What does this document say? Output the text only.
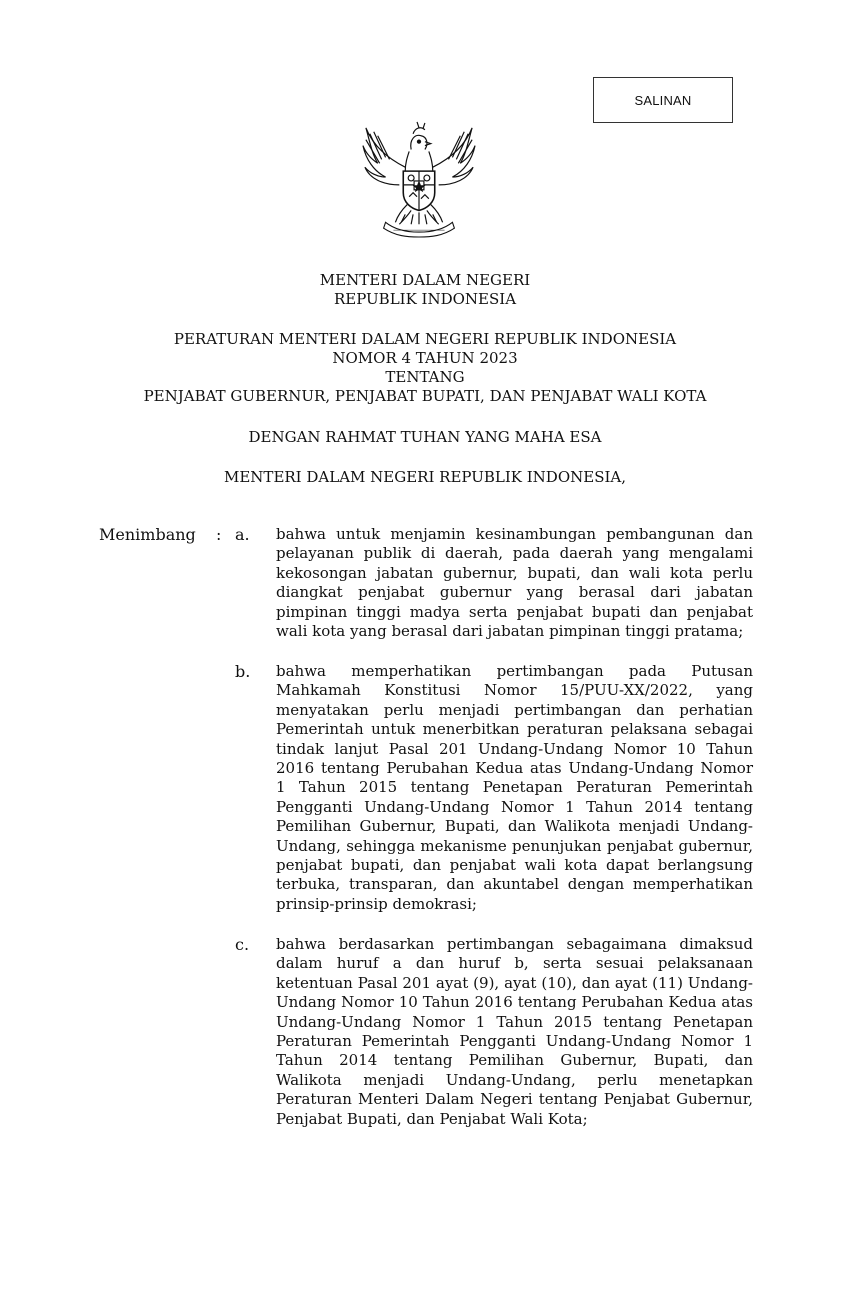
SALINAN
MENTERI DALAM NEGERI
REPUBLIK INDONESIA
PERATURAN MENTERI DALAM NEGERI REPUBLIK INDONESIA
NOMOR 4 TAHUN 2023
TENTANG
PENJABAT GUBERNUR, PENJABAT BUPATI, DAN PENJABAT WALI KOTA
DENGAN RAHMAT TUHAN YANG MAHA ESA
MENTERI DALAM NEGERI REPUBLIK INDONESIA,
Menimbang : a. bahwa untuk menjamin kesinambungan pembangunan dan pelayanan publik di daerah, pada daerah yang mengalami kekosongan jabatan gubernur, bupati, dan wali kota perlu diangkat penjabat gubernur yang berasal dari jabatan pimpinan tinggi madya serta penjabat bupati dan penjabat wali kota yang berasal dari jabatan pimpinan tinggi pratama;
b. bahwa memperhatikan pertimbangan pada Putusan Mahkamah Konstitusi Nomor 15/PUU-XX/2022, yang menyatakan perlu menjadi pertimbangan dan perhatian Pemerintah untuk menerbitkan peraturan pelaksana sebagai tindak lanjut Pasal 201 Undang-Undang Nomor 10 Tahun 2016 tentang Perubahan Kedua atas Undang-Undang Nomor 1 Tahun 2015 tentang Penetapan Peraturan Pemerintah Pengganti Undang-Undang Nomor 1 Tahun 2014 tentang Pemilihan Gubernur, Bupati, dan Walikota menjadi Undang-Undang, sehingga mekanisme penunjukan penjabat gubernur, penjabat bupati, dan penjabat wali kota dapat berlangsung terbuka, transparan, dan akuntabel dengan memperhatikan prinsip-prinsip demokrasi;
c. bahwa berdasarkan pertimbangan sebagaimana dimaksud dalam huruf a dan huruf b, serta sesuai pelaksanaan ketentuan Pasal 201 ayat (9), ayat (10), dan ayat (11) Undang-Undang Nomor 10 Tahun 2016 tentang Perubahan Kedua atas Undang-Undang Nomor 1 Tahun 2015 tentang Penetapan Peraturan Pemerintah Pengganti Undang-Undang Nomor 1 Tahun 2014 tentang Pemilihan Gubernur, Bupati, dan Walikota menjadi Undang-Undang, perlu menetapkan Peraturan Menteri Dalam Negeri tentang Penjabat Gubernur, Penjabat Bupati, dan Penjabat Wali Kota;
